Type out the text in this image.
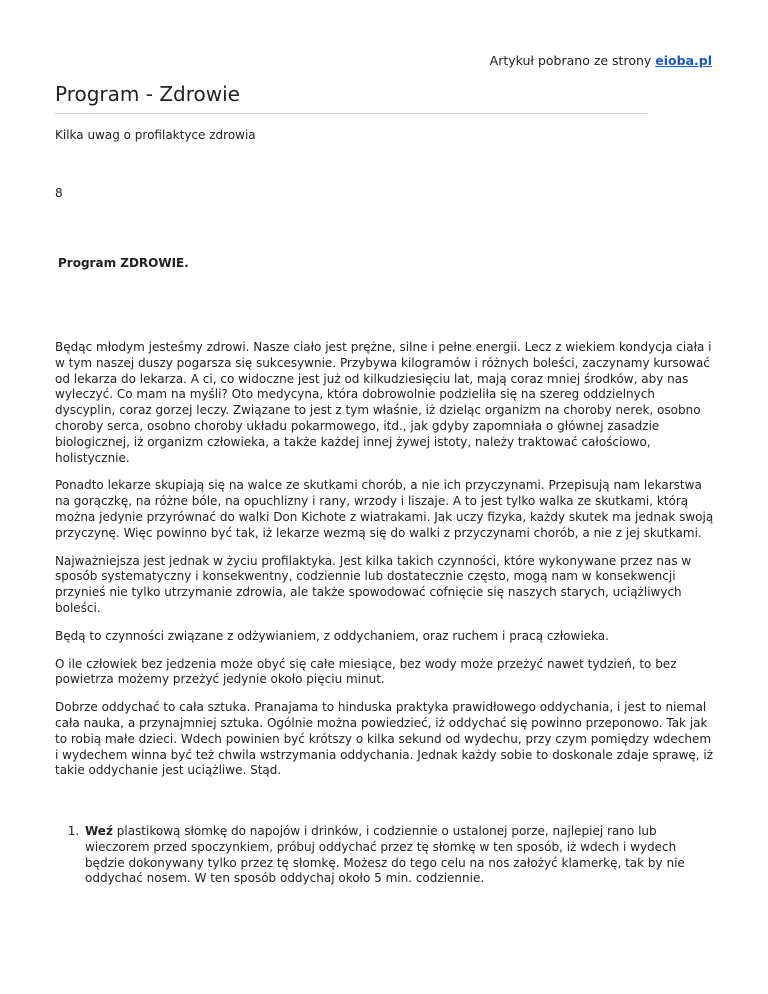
Artykuł pobrano ze strony eioba.pl
Program - Zdrowie

Kilka uwag o profilaktyce zdrowia

8

Program ZDROWIE.

Będąc młodym jesteśmy zdrowi. Nasze ciało jest prężne, silne i pełne energii. Lecz z wiekiem kondycja ciała i w tym naszej duszy pogarsza się sukcesywnie. Przybywa kilogramów i różnych boleści, zaczynamy kursować od lekarza do lekarza. A ci, co widoczne jest już od kilkudziesięciu lat, mają coraz mniej środków, aby nas wyleczyć. Co mam na myśli? Oto medycyna, która dobrowolnie podzieliła się na szereg oddzielnych dyscyplin, coraz gorzej leczy. Związane to jest z tym właśnie, iż dzieląc organizm na choroby nerek, osobno choroby serca, osobno choroby układu pokarmowego, itd., jak gdyby zapomniała o głównej zasadzie biologicznej, iż organizm człowieka, a także każdej innej żywej istoty, należy traktować całościowo, holistycznie.

Ponadto lekarze skupiają się na walce ze skutkami chorób, a nie ich przyczynami. Przepisują nam lekarstwa na gorączkę, na różne bóle, na opuchlizny i rany, wrzody i liszaje. A to jest tylko walka ze skutkami, którą można jedynie przyrównać do walki Don Kichote z wiatrakami. Jak uczy fizyka, każdy skutek ma jednak swoją przyczynę. Więc powinno być tak, iż lekarze wezmą się do walki z przyczynami chorób, a nie z jej skutkami.

Najważniejsza jest jednak w życiu profilaktyka. Jest kilka takich czynności, które wykonywane przez nas w sposób systematyczny i konsekwentny, codziennie lub dostatecznie często, mogą nam w konsekwencji przynieś nie tylko utrzymanie zdrowia, ale także spowodować cofnięcie się naszych starych, uciążliwych boleści.

Będą to czynności związane z odżywianiem, z oddychaniem, oraz ruchem i pracą człowieka.

O ile człowiek bez jedzenia może obyć się całe miesiące, bez wody może przeżyć nawet tydzień, to bez powietrza możemy przeżyć jedynie około pięciu minut.

Dobrze oddychać to cała sztuka. Pranajama to hinduska praktyka prawidłowego oddychania, i jest to niemal cała nauka, a przynajmniej sztuka. Ogólnie można powiedzieć, iż oddychać się powinno przeponowo. Tak jak to robią małe dzieci. Wdech powinien być krótszy o kilka sekund od wydechu, przy czym pomiędzy wdechem i wydechem winna być też chwila wstrzymania oddychania. Jednak każdy sobie to doskonale zdaje sprawę, iż takie oddychanie jest uciążliwe. Stąd.

1. Weź plastikową słomkę do napojów i drinków, i codziennie o ustalonej porze, najlepiej rano lub wieczorem przed spoczynkiem, próbuj oddychać przez tę słomkę w ten sposób, iż wdech i wydech będzie dokonywany tylko przez tę słomkę. Możesz do tego celu na nos założyć klamerkę, tak by nie oddychać nosem. W ten sposób oddychaj około 5 min. codziennie.
